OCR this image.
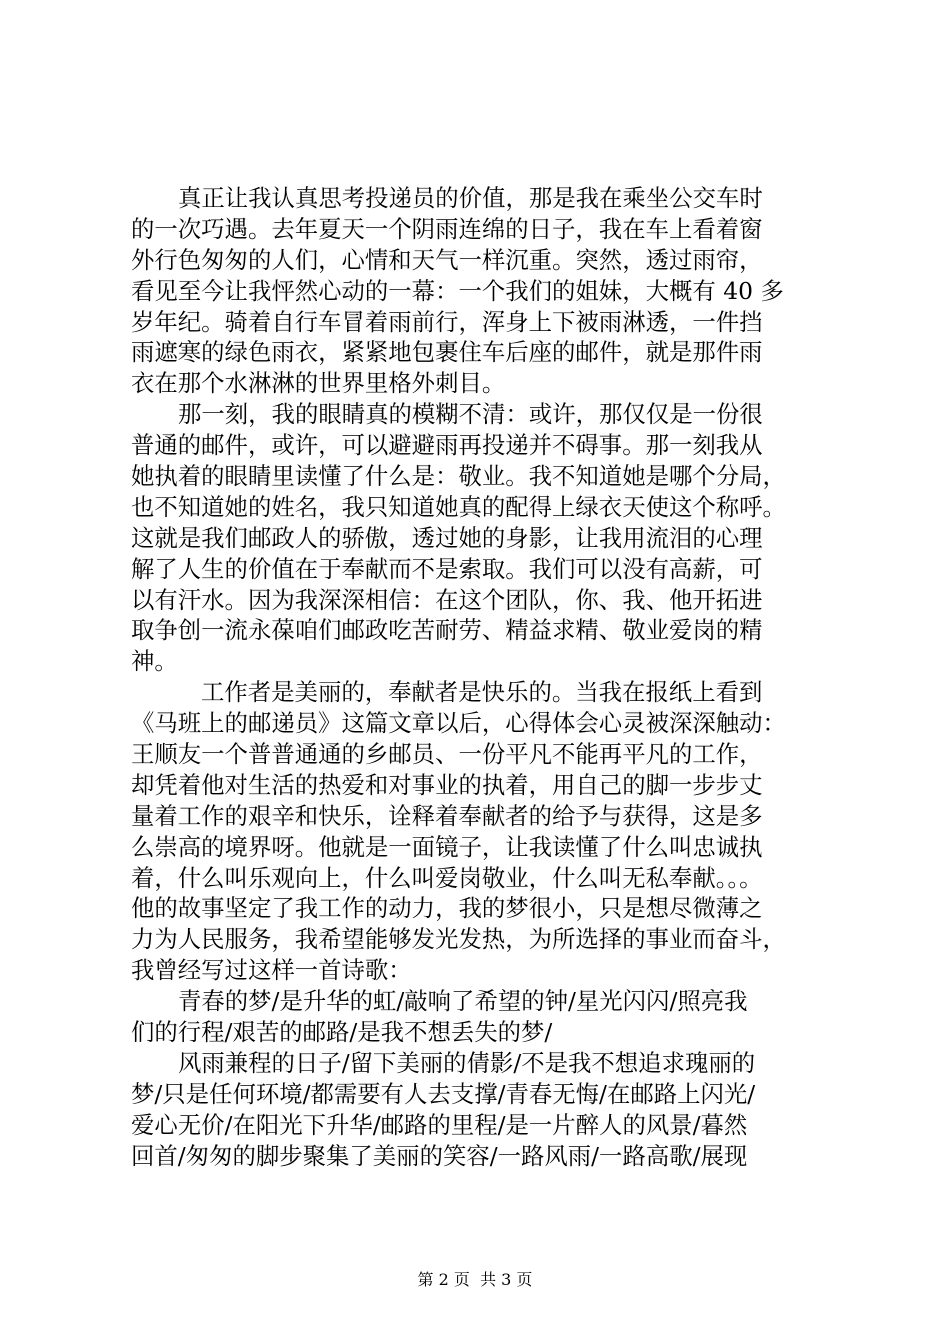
真正让我认真思考投递员的价值，那是我在乘坐公交车时
的一次巧遇。去年夏天一个阴雨连绵的日子，我在车上看着窗
外行色匆匆的人们，心情和天气一样沉重。突然，透过雨帘，
看见至今让我怦然心动的一幕：一个我们的姐妹，大概有 40 多
岁年纪。骑着自行车冒着雨前行，浑身上下被雨淋透，一件挡
雨遮寒的绿色雨衣，紧紧地包裹住车后座的邮件，就是那件雨
衣在那个水淋淋的世界里格外刺目。
那一刻，我的眼睛真的模糊不清：或许，那仅仅是一份很
普通的邮件，或许，可以避避雨再投递并不碍事。那一刻我从
她执着的眼睛里读懂了什么是：敬业。我不知道她是哪个分局，
也不知道她的姓名，我只知道她真的配得上绿衣天使这个称呼。
这就是我们邮政人的骄傲，透过她的身影，让我用流泪的心理
解了人生的价值在于奉献而不是索取。我们可以没有高薪，可
以有汗水。因为我深深相信：在这个团队，你、我、他开拓进
取争创一流永葆咱们邮政吃苦耐劳、精益求精、敬业爱岗的精
神。
工作者是美丽的，奉献者是快乐的。当我在报纸上看到
《马班上的邮递员》这篇文章以后，心得体会心灵被深深触动：
王顺友一个普普通通的乡邮员、一份平凡不能再平凡的工作，
却凭着他对生活的热爱和对事业的执着，用自己的脚一步步丈
量着工作的艰辛和快乐，诠释着奉献者的给予与获得，这是多
么崇高的境界呀。他就是一面镜子，让我读懂了什么叫忠诚执
着，什么叫乐观向上，什么叫爱岗敬业，什么叫无私奉献。。。
他的故事坚定了我工作的动力，我的梦很小，只是想尽微薄之
力为人民服务，我希望能够发光发热，为所选择的事业而奋斗，
我曾经写过这样一首诗歌：
青春的梦/是升华的虹/敲响了希望的钟/星光闪闪/照亮我
们的行程/艰苦的邮路/是我不想丢失的梦/
风雨兼程的日子/留下美丽的倩影/不是我不想追求瑰丽的
梦/只是任何环境/都需要有人去支撑/青春无悔/在邮路上闪光/
爱心无价/在阳光下升华/邮路的里程/是一片醉人的风景/暮然
回首/匆匆的脚步聚集了美丽的笑容/一路风雨/一路高歌/展现
第 2 页  共 3 页
